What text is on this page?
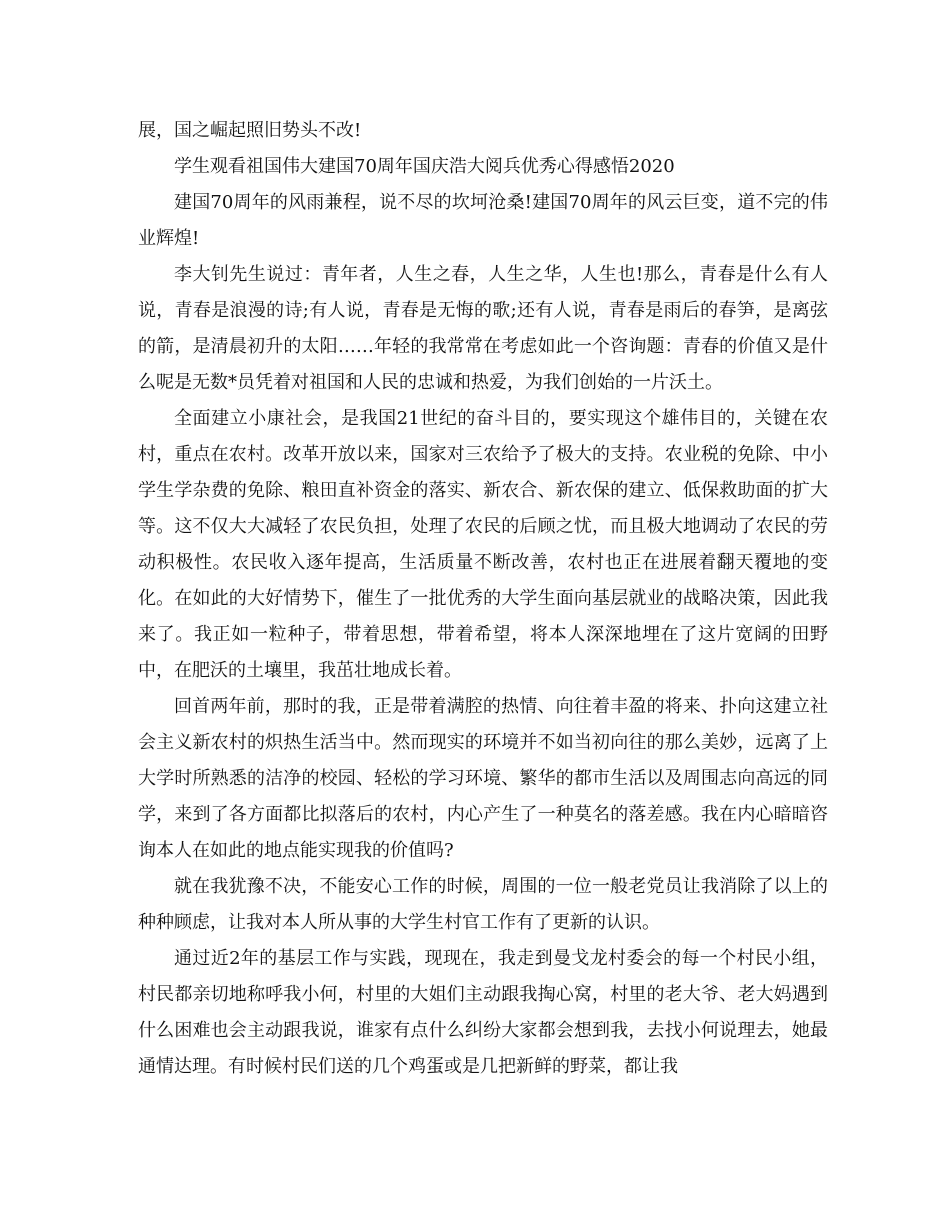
展，国之崛起照旧势头不改!

学生观看祖国伟大建国70周年国庆浩大阅兵优秀心得感悟2020

建国70周年的风雨兼程，说不尽的坎坷沧桑!建国70周年的风云巨变，道不完的伟业辉煌!

李大钊先生说过：青年者，人生之春，人生之华，人生也!那么，青春是什么有人说，青春是浪漫的诗;有人说，青春是无悔的歌;还有人说，青春是雨后的春笋，是离弦的箭，是清晨初升的太阳……年轻的我常常在考虑如此一个咨询题：青春的价值又是什么呢是无数*员凭着对祖国和人民的忠诚和热爱，为我们创始的一片沃土。

全面建立小康社会，是我国21世纪的奋斗目的，要实现这个雄伟目的，关键在农村，重点在农村。改革开放以来，国家对三农给予了极大的支持。农业税的免除、中小学生学杂费的免除、粮田直补资金的落实、新农合、新农保的建立、低保救助面的扩大等。这不仅大大减轻了农民负担，处理了农民的后顾之忧，而且极大地调动了农民的劳动积极性。农民收入逐年提高，生活质量不断改善，农村也正在进展着翻天覆地的变化。在如此的大好情势下，催生了一批优秀的大学生面向基层就业的战略决策，因此我来了。我正如一粒种子，带着思想，带着希望，将本人深深地埋在了这片宽阔的田野中，在肥沃的土壤里，我茁壮地成长着。

回首两年前，那时的我，正是带着满腔的热情、向往着丰盈的将来、扑向这建立社会主义新农村的炽热生活当中。然而现实的环境并不如当初向往的那么美妙，远离了上大学时所熟悉的洁净的校园、轻松的学习环境、繁华的都市生活以及周围志向高远的同学，来到了各方面都比拟落后的农村，内心产生了一种莫名的落差感。我在内心暗暗咨询本人在如此的地点能实现我的价值吗?

就在我犹豫不决，不能安心工作的时候，周围的一位一般老党员让我消除了以上的种种顾虑，让我对本人所从事的大学生村官工作有了更新的认识。

通过近2年的基层工作与实践，现现在，我走到曼戈龙村委会的每一个村民小组，村民都亲切地称呼我小何，村里的大姐们主动跟我掏心窝，村里的老大爷、老大妈遇到什么困难也会主动跟我说，谁家有点什么纠纷大家都会想到我，去找小何说理去，她最通情达理。有时候村民们送的几个鸡蛋或是几把新鲜的野菜，都让我
